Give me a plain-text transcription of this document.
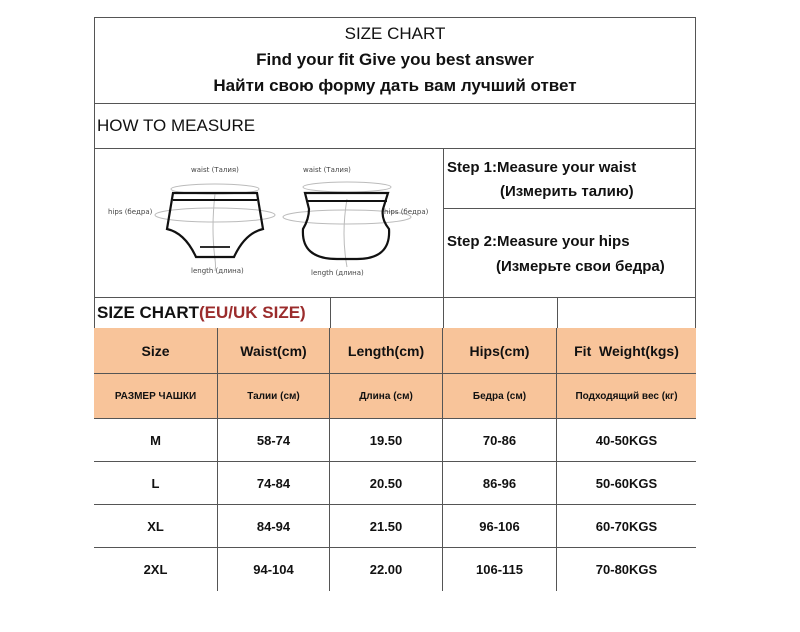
SIZE CHART
Find your fit Give you best answer
Найти свою форму дать вам лучший ответ
HOW TO MEASURE
waist (Талия)
hips (бедра)
length (длина)
waist (Талия)
hips (бедра)
length (длина)
Step 1:Measure your waist
(Измерить талию)
Step 2:Measure your hips
(Измерьте свои бедра)
SIZE CHART (EU/UK SIZE)
Size	Waist(cm)	Length(cm)	Hips(cm)	Fit  Weight(kgs)
РАЗМЕР ЧАШКИ	Талии (см)	Длина (см)	Бедра (см)	Подходящий вес (кг)
M	58-74	19.50	70-86	40-50KGS
L	74-84	20.50	86-96	50-60KGS
XL	84-94	21.50	96-106	60-70KGS
2XL	94-104	22.00	106-115	70-80KGS
